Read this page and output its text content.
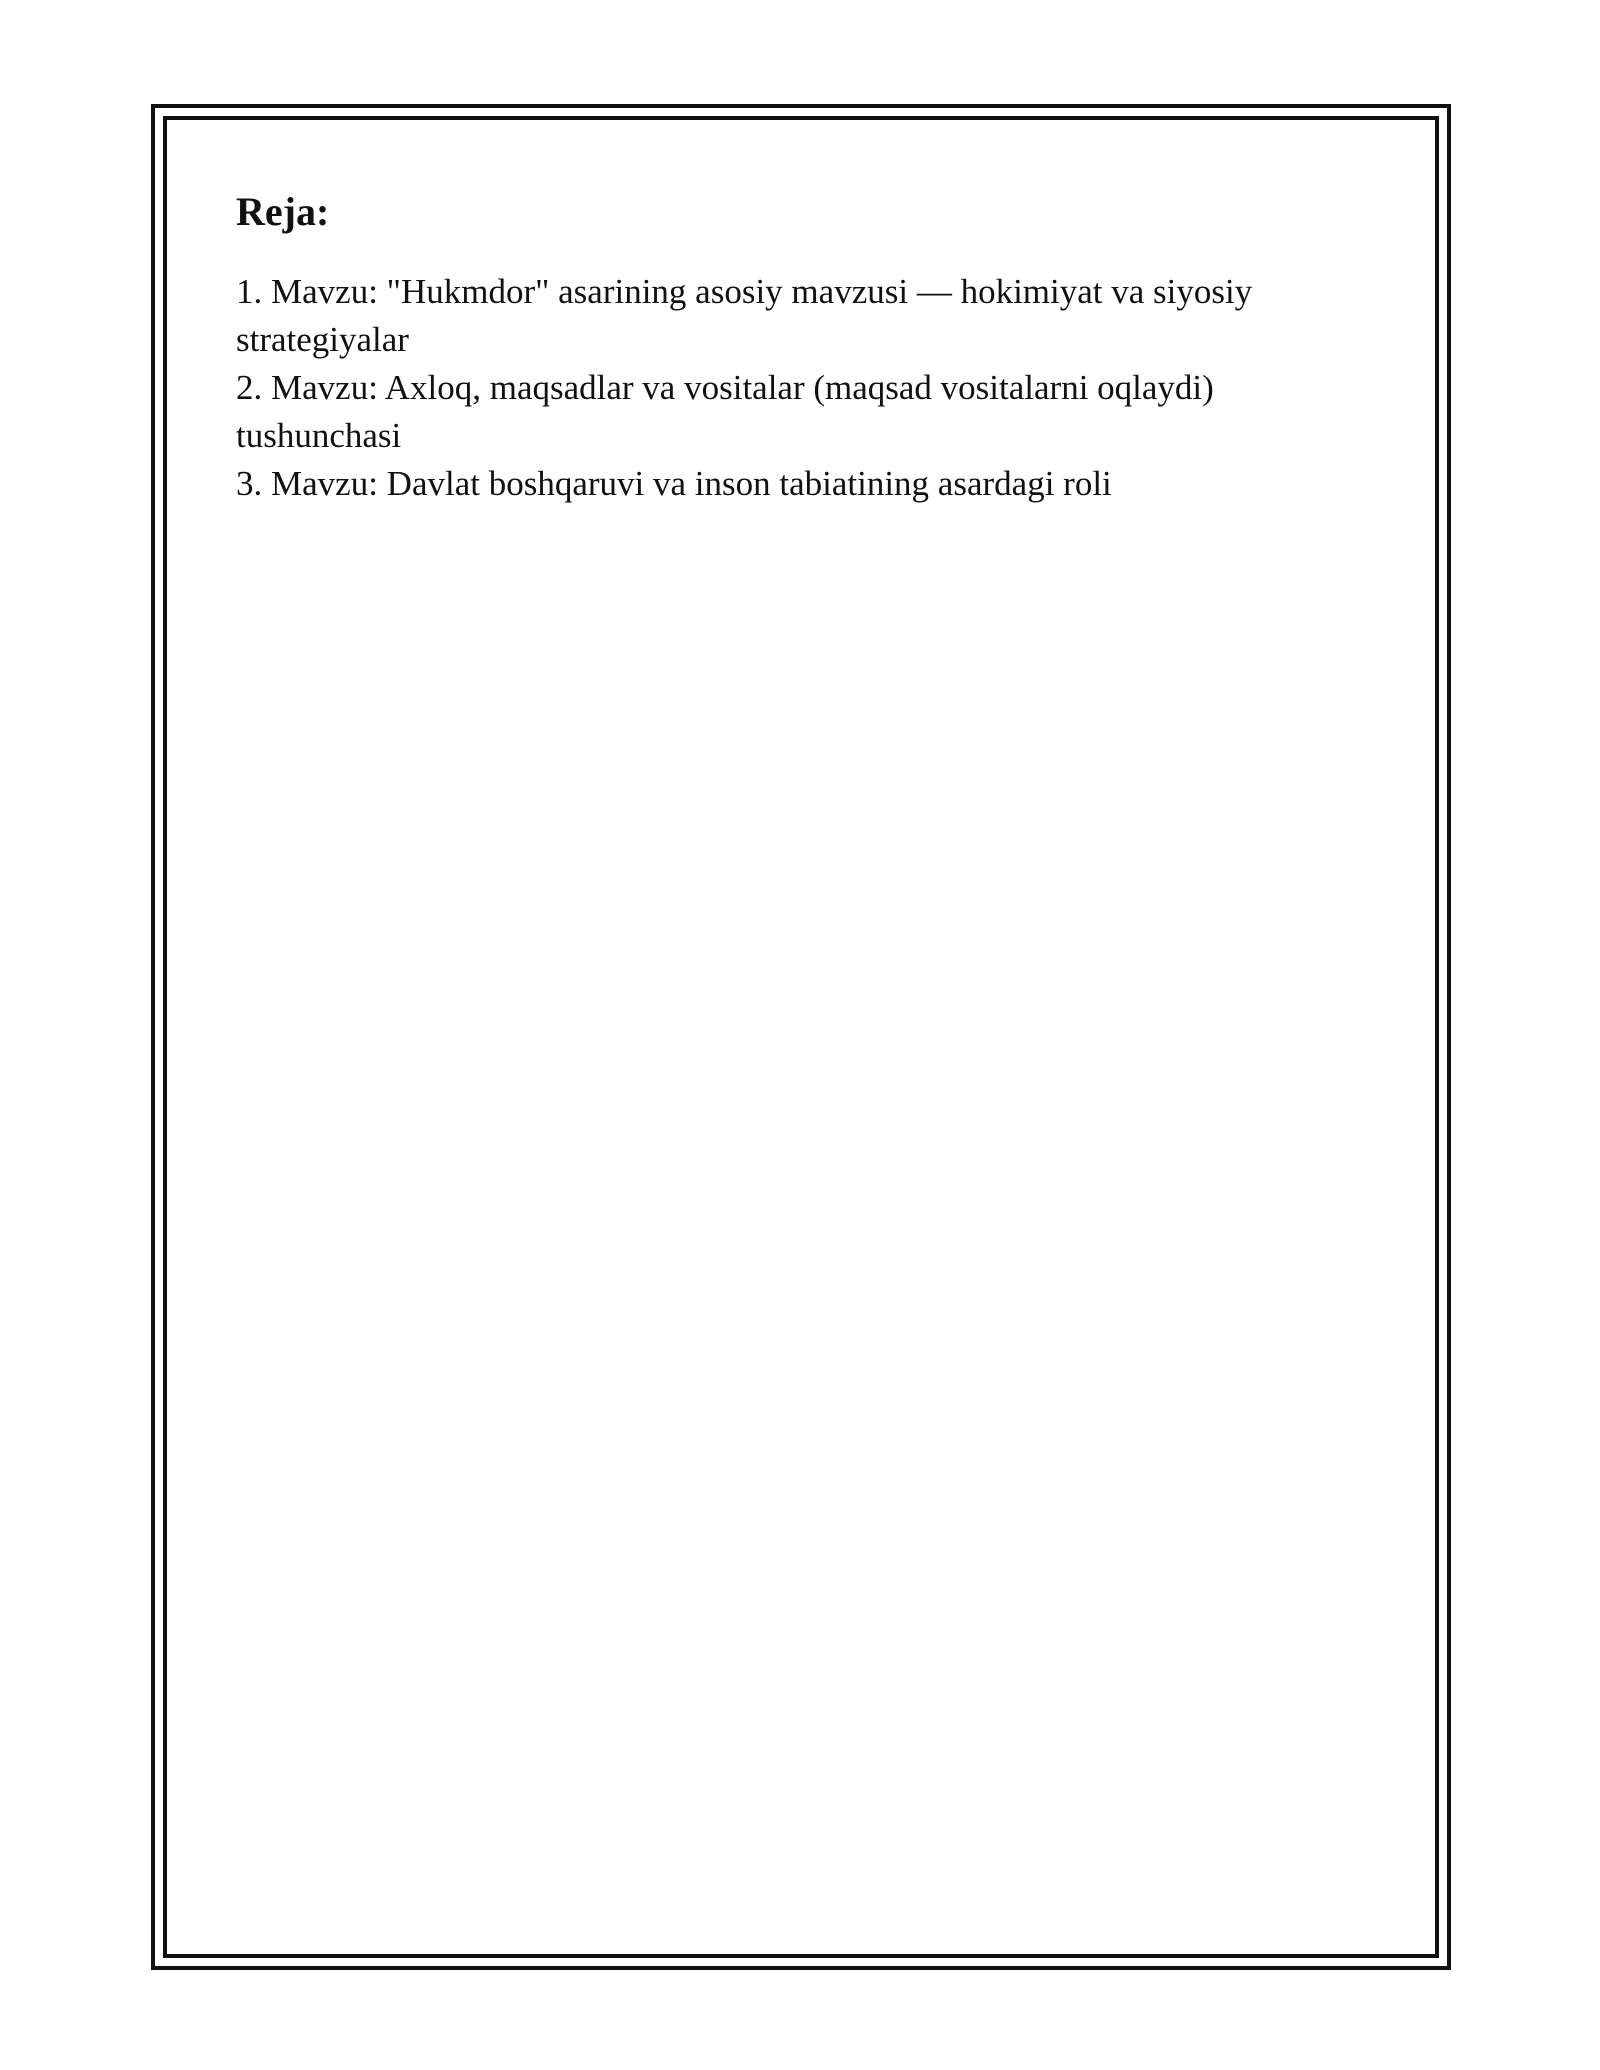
Reja:
1. Mavzu: "Hukmdor" asarining asosiy mavzusi — hokimiyat va siyosiy strategiyalar
2. Mavzu: Axloq, maqsadlar va vositalar (maqsad vositalarni oqlaydi) tushunchasi
3. Mavzu: Davlat boshqaruvi va inson tabiatining asardagi roli
